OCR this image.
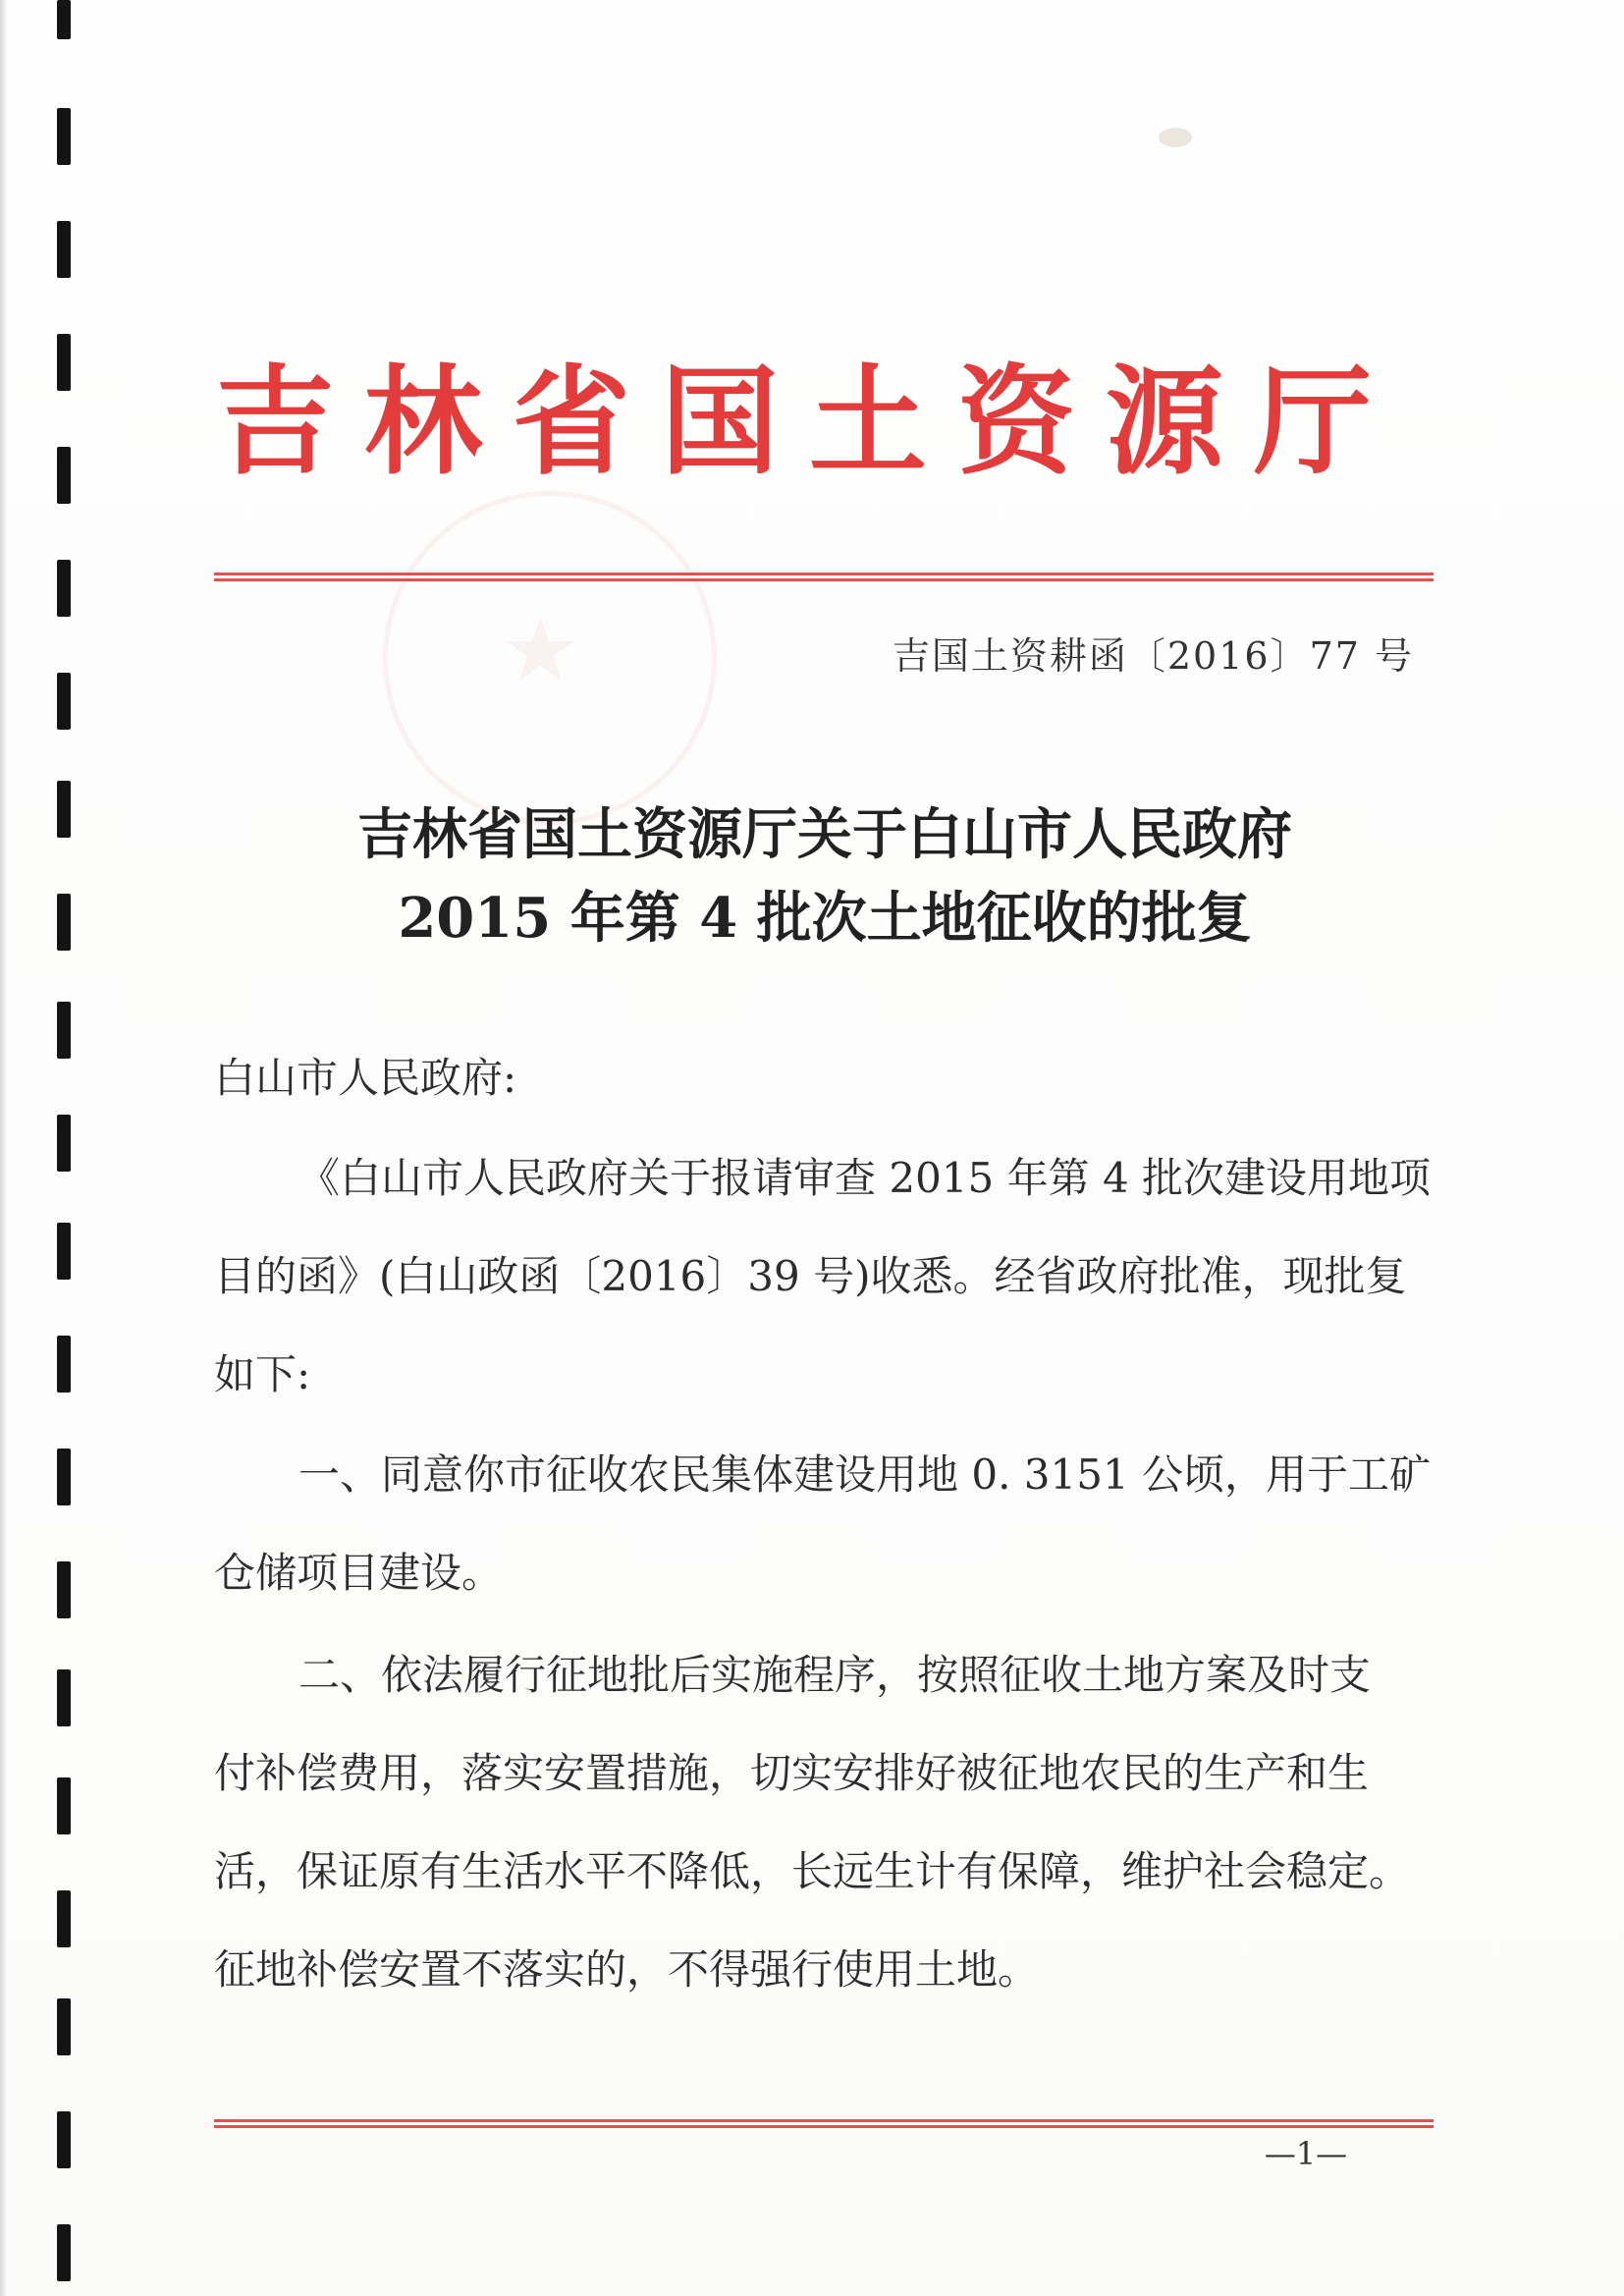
★
吉林省国土资源厅
吉国土资耕函〔2016〕77 号
吉林省国土资源厅关于白山市人民政府
2015 年第 4 批次土地征收的批复
白山市人民政府:
《白山市人民政府关于报请审查 2015 年第 4 批次建设用地项
目的函》(白山政函〔2016〕39 号)收悉。经省政府批准，现批复
如下:
一、同意你市征收农民集体建设用地 0. 3151 公顷，用于工矿
仓储项目建设。
二、依法履行征地批后实施程序，按照征收土地方案及时支
付补偿费用，落实安置措施，切实安排好被征地农民的生产和生
活，保证原有生活水平不降低，长远生计有保障，维护社会稳定。
征地补偿安置不落实的，不得强行使用土地。
—1—
